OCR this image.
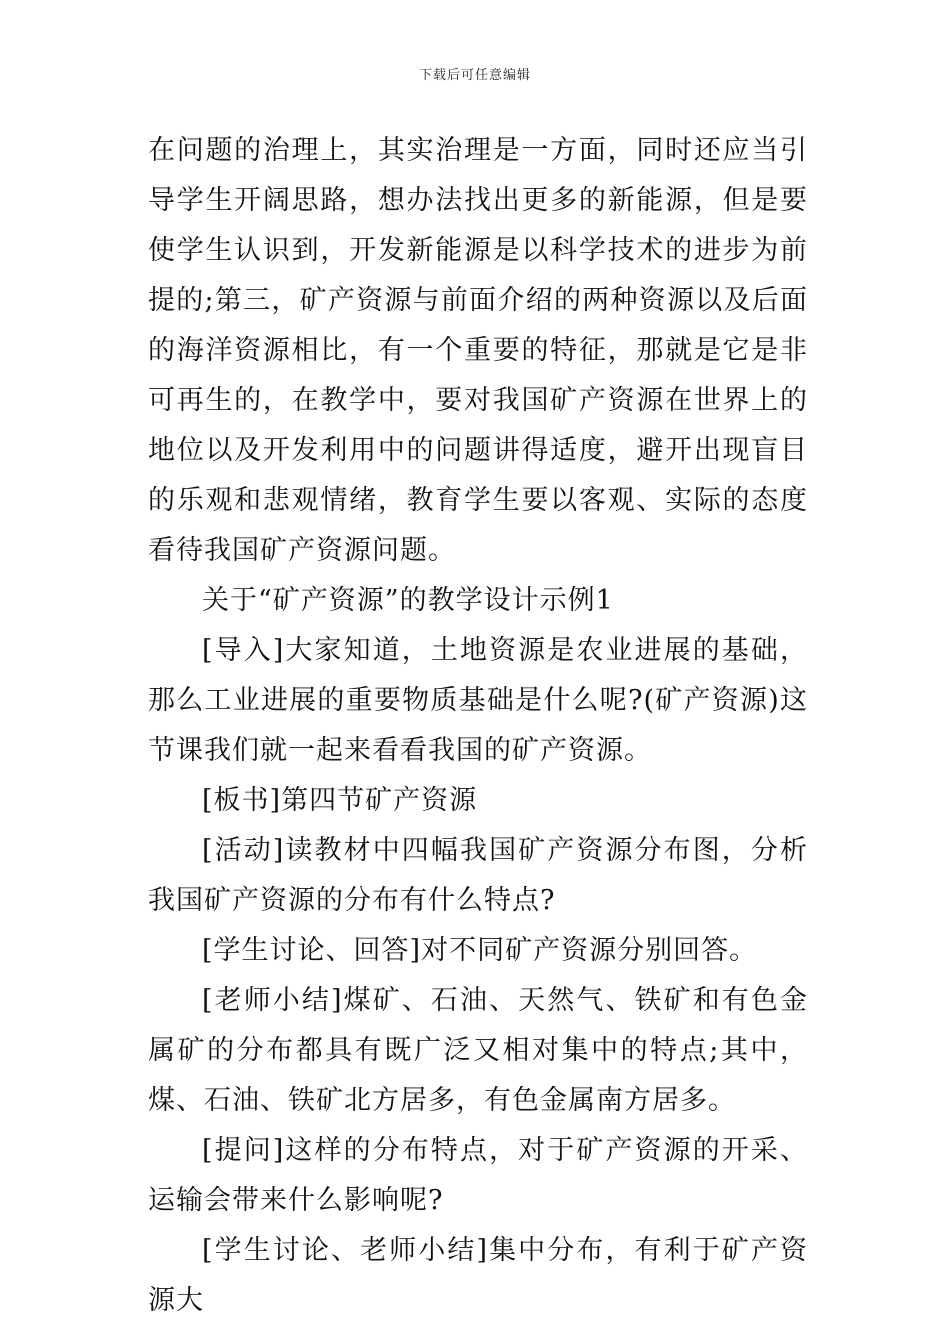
下载后可任意编辑

在问题的治理上，其实治理是一方面，同时还应当引导学生开阔思路，想办法找出更多的新能源，但是要使学生认识到，开发新能源是以科学技术的进步为前提的;第三，矿产资源与前面介绍的两种资源以及后面的海洋资源相比，有一个重要的特征，那就是它是非可再生的，在教学中，要对我国矿产资源在世界上的地位以及开发利用中的问题讲得适度，避开出现盲目的乐观和悲观情绪，教育学生要以客观、实际的态度看待我国矿产资源问题。

关于“矿产资源”的教学设计示例1

[导入]大家知道，土地资源是农业进展的基础，那么工业进展的重要物质基础是什么呢?(矿产资源)这节课我们就一起来看看我国的矿产资源。

[板书]第四节矿产资源

[活动]读教材中四幅我国矿产资源分布图，分析我国矿产资源的分布有什么特点?

[学生讨论、回答]对不同矿产资源分别回答。

[老师小结]煤矿、石油、天然气、铁矿和有色金属矿的分布都具有既广泛又相对集中的特点;其中，煤、石油、铁矿北方居多，有色金属南方居多。

[提问]这样的分布特点，对于矿产资源的开采、运输会带来什么影响呢?

[学生讨论、老师小结]集中分布，有利于矿产资源大
